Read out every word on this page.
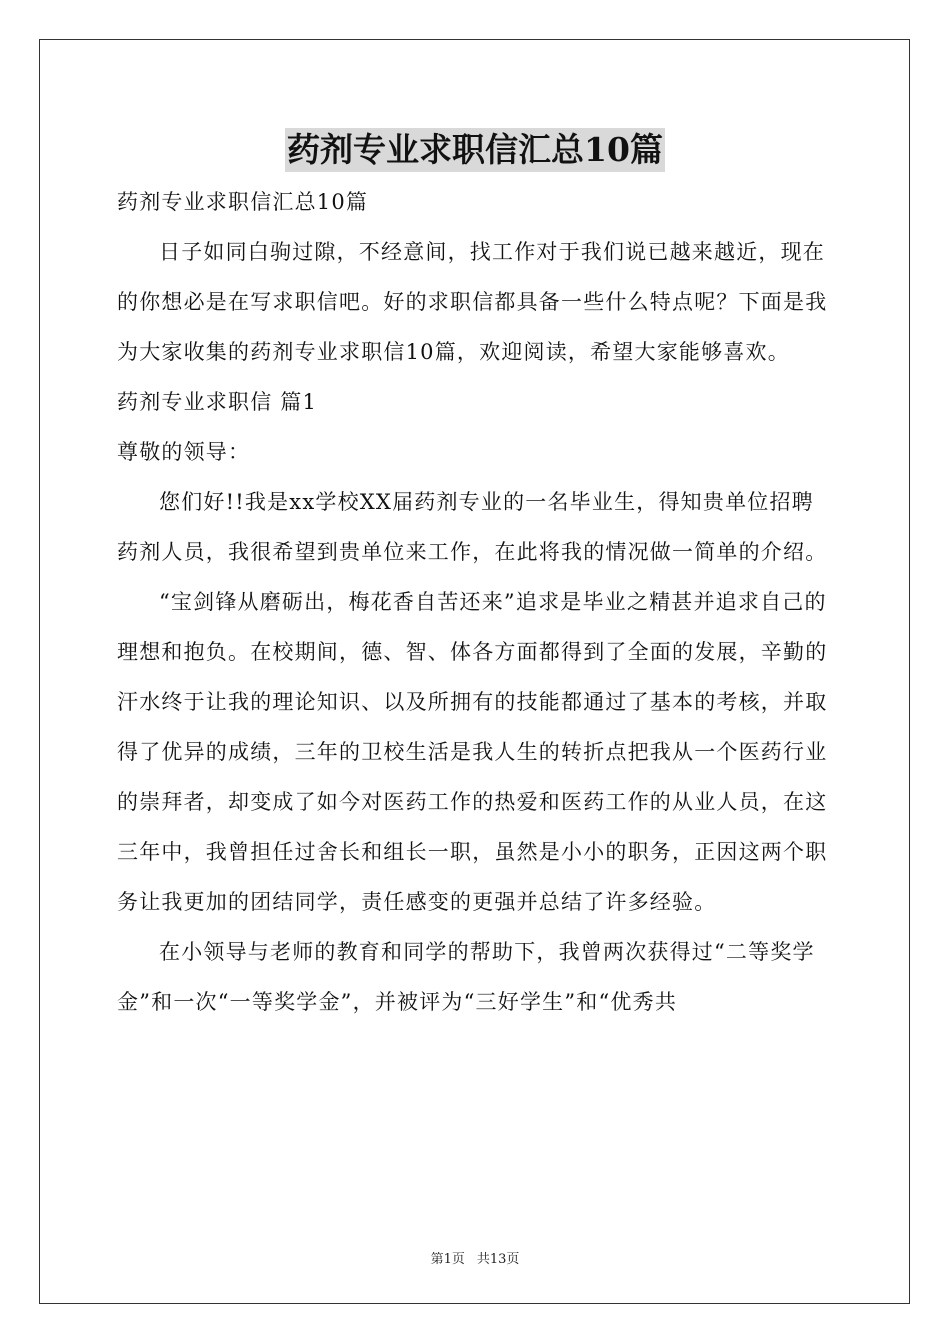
药剂专业求职信汇总10篇

药剂专业求职信汇总10篇

日子如同白驹过隙，不经意间，找工作对于我们说已越来越近，现在的你想必是在写求职信吧。好的求职信都具备一些什么特点呢？下面是我为大家收集的药剂专业求职信10篇，欢迎阅读，希望大家能够喜欢。

药剂专业求职信 篇1

尊敬的领导：

您们好!!我是xx学校XX届药剂专业的一名毕业生，得知贵单位招聘药剂人员，我很希望到贵单位来工作，在此将我的情况做一简单的介绍。

“宝剑锋从磨砺出，梅花香自苦还来”追求是毕业之精甚并追求自己的理想和抱负。在校期间，德、智、体各方面都得到了全面的发展，辛勤的汗水终于让我的理论知识、以及所拥有的技能都通过了基本的考核，并取得了优异的成绩，三年的卫校生活是我人生的转折点把我从一个医药行业的崇拜者，却变成了如今对医药工作的热爱和医药工作的从业人员，在这三年中，我曾担任过舍长和组长一职，虽然是小小的职务，正因这两个职务让我更加的团结同学，责任感变的更强并总结了许多经验。

在小领导与老师的教育和同学的帮助下，我曾两次获得过“二等奖学金”和一次“一等奖学金”，并被评为“三好学生”和“优秀共

第1页 共13页
